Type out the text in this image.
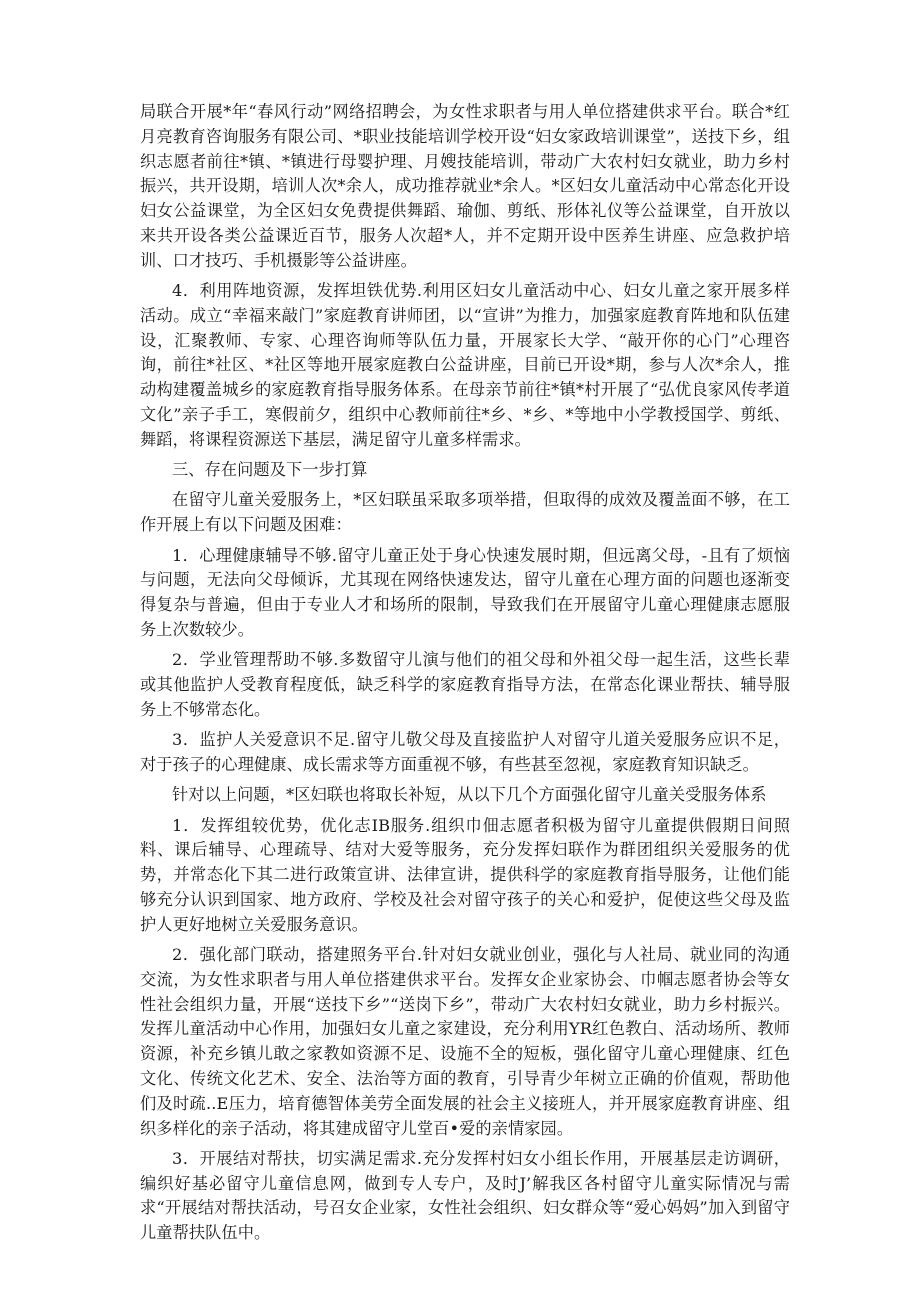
局联合开展*年“春风行动”网络招聘会，为女性求职者与用人单位搭建供求平台。联合*红月亮教育咨询服务有限公司、*职业技能培训学校开设“妇女家政培训课堂”，送技下乡，组织志愿者前往*镇、*镇进行母婴护理、月嫂技能培训，带动广大农村妇女就业，助力乡村振兴，共开设期，培训人次*余人，成功推荐就业*余人。*区妇女儿童活动中心常态化开设妇女公益课堂，为全区妇女免费提供舞蹈、瑜伽、剪纸、形体礼仪等公益课堂，自开放以来共开设各类公益课近百节，服务人次超*人，并不定期开设中医养生讲座、应急救护培训、口才技巧、手机摄影等公益讲座。

4．利用阵地资源，发挥坦铁优势.利用区妇女儿童活动中心、妇女儿童之家开展多样活动。成立“幸福来敲门”家庭教育讲师团，以“宣讲”为推力，加强家庭教育阵地和队伍建设，汇聚教师、专家、心理咨询师等队伍力量，开展家长大学、“敲开你的心门”心理咨询，前往*社区、*社区等地开展家庭教白公益讲座，目前已开设*期，参与人次*余人，推动构建覆盖城乡的家庭教育指导服务体系。在母亲节前往*镇*村开展了“弘优良家风传孝道文化”亲子手工，寒假前夕，组织中心教师前往*乡、*乡、*等地中小学教授国学、剪纸、舞蹈，将课程资源送下基层，满足留守儿童多样需求。

三、存在问题及下一步打算

在留守儿童关爱服务上，*区妇联虽采取多项举措，但取得的成效及覆盖面不够，在工作开展上有以下问题及困难：

1．心理健康辅导不够.留守儿童正处于身心快速发展时期，但远离父母，-且有了烦恼与问题，无法向父母倾诉，尤其现在网络快速发达，留守儿童在心理方面的问题也逐渐变得复杂与普遍，但由于专业人才和场所的限制，导致我们在开展留守儿童心理健康志愿服务上次数较少。

2．学业管理帮助不够.多数留守儿演与他们的祖父母和外祖父母一起生活，这些长辈或其他监护人受教育程度低，缺乏科学的家庭教育指导方法，在常态化课业帮扶、辅导服务上不够常态化。

3．监护人关爱意识不足.留守儿敬父母及直接监护人对留守儿道关爱服务应识不足，对于孩子的心理健康、成长需求等方面重视不够，有些甚至忽视，家庭教育知识缺乏。

针对以上问题，*区妇联也将取长补短，从以下几个方面强化留守儿童关受服务体系

1．发挥组较优势，优化志IB服务.组织巾佃志愿者积极为留守儿童提供假期日间照料、课后辅导、心理疏导、结对大爱等服务，充分发挥妇联作为群团组织关爱服务的优势，并常态化下其二进行政策宣讲、法律宣讲，提供科学的家庭教育指导服务，让他们能够充分认识到国家、地方政府、学校及社会对留守孩子的关心和爱护，促使这些父母及监护人更好地树立关爱服务意识。

2．强化部门联动，搭建照务平台.针对妇女就业创业，强化与人社局、就业同的沟通交流，为女性求职者与用人单位搭建供求平台。发挥女企业家协会、巾帼志愿者协会等女性社会组织力量，开展“送技下乡”“送岗下乡”，带动广大农村妇女就业，助力乡村振兴。发挥儿童活动中心作用，加强妇女儿童之家建设，充分利用YR红色教白、活动场所、教师资源，补充乡镇儿敢之家教如资源不足、设施不全的短板，强化留守儿童心理健康、红色文化、传统文化艺术、安全、法治等方面的教育，引导青少年树立正确的价值观，帮助他们及时疏..E压力，培育德智体美劳全面发展的社会主义接班人，并开展家庭教育讲座、组织多样化的亲子活动，将其建成留守儿堂百•爱的亲情家园。

3．开展结对帮扶，切实满足需求.充分发挥村妇女小组长作用，开展基层走访调研，编织好基必留守儿童信息网，做到专人专户，及时J’解我区各村留守儿童实际情况与需求“开展结对帮扶活动，号召女企业家，女性社会组织、妇女群众等“爱心妈妈”加入到留守儿童帮扶队伍中。
